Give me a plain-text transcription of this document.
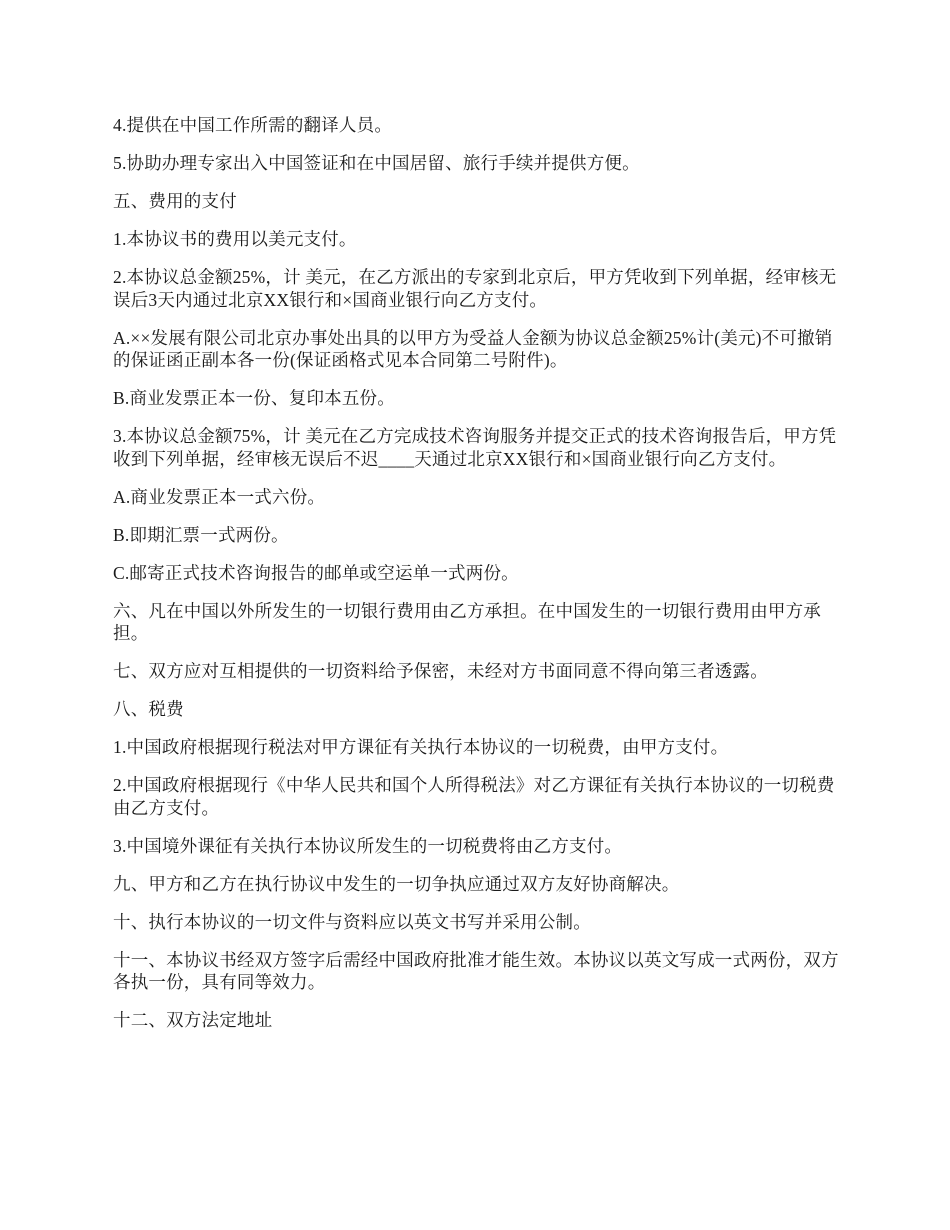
4.提供在中国工作所需的翻译人员。

5.协助办理专家出入中国签证和在中国居留、旅行手续并提供方便。

五、费用的支付

1.本协议书的费用以美元支付。

2.本协议总金额25%，计 美元，在乙方派出的专家到北京后，甲方凭收到下列单据，经审核无误后3天内通过北京XX银行和×国商业银行向乙方支付。

A.××发展有限公司北京办事处出具的以甲方为受益人金额为协议总金额25%计(美元)不可撤销的保证函正副本各一份(保证函格式见本合同第二号附件)。

B.商业发票正本一份、复印本五份。

3.本协议总金额75%，计 美元在乙方完成技术咨询服务并提交正式的技术咨询报告后，甲方凭收到下列单据，经审核无误后不迟____天通过北京XX银行和×国商业银行向乙方支付。

A.商业发票正本一式六份。

B.即期汇票一式两份。

C.邮寄正式技术咨询报告的邮单或空运单一式两份。

六、凡在中国以外所发生的一切银行费用由乙方承担。在中国发生的一切银行费用由甲方承担。

七、双方应对互相提供的一切资料给予保密，未经对方书面同意不得向第三者透露。

八、税费

1.中国政府根据现行税法对甲方课征有关执行本协议的一切税费，由甲方支付。

2.中国政府根据现行《中华人民共和国个人所得税法》对乙方课征有关执行本协议的一切税费由乙方支付。

3.中国境外课征有关执行本协议所发生的一切税费将由乙方支付。

九、甲方和乙方在执行协议中发生的一切争执应通过双方友好协商解决。

十、执行本协议的一切文件与资料应以英文书写并采用公制。

十一、本协议书经双方签字后需经中国政府批准才能生效。本协议以英文写成一式两份，双方各执一份，具有同等效力。

十二、双方法定地址
